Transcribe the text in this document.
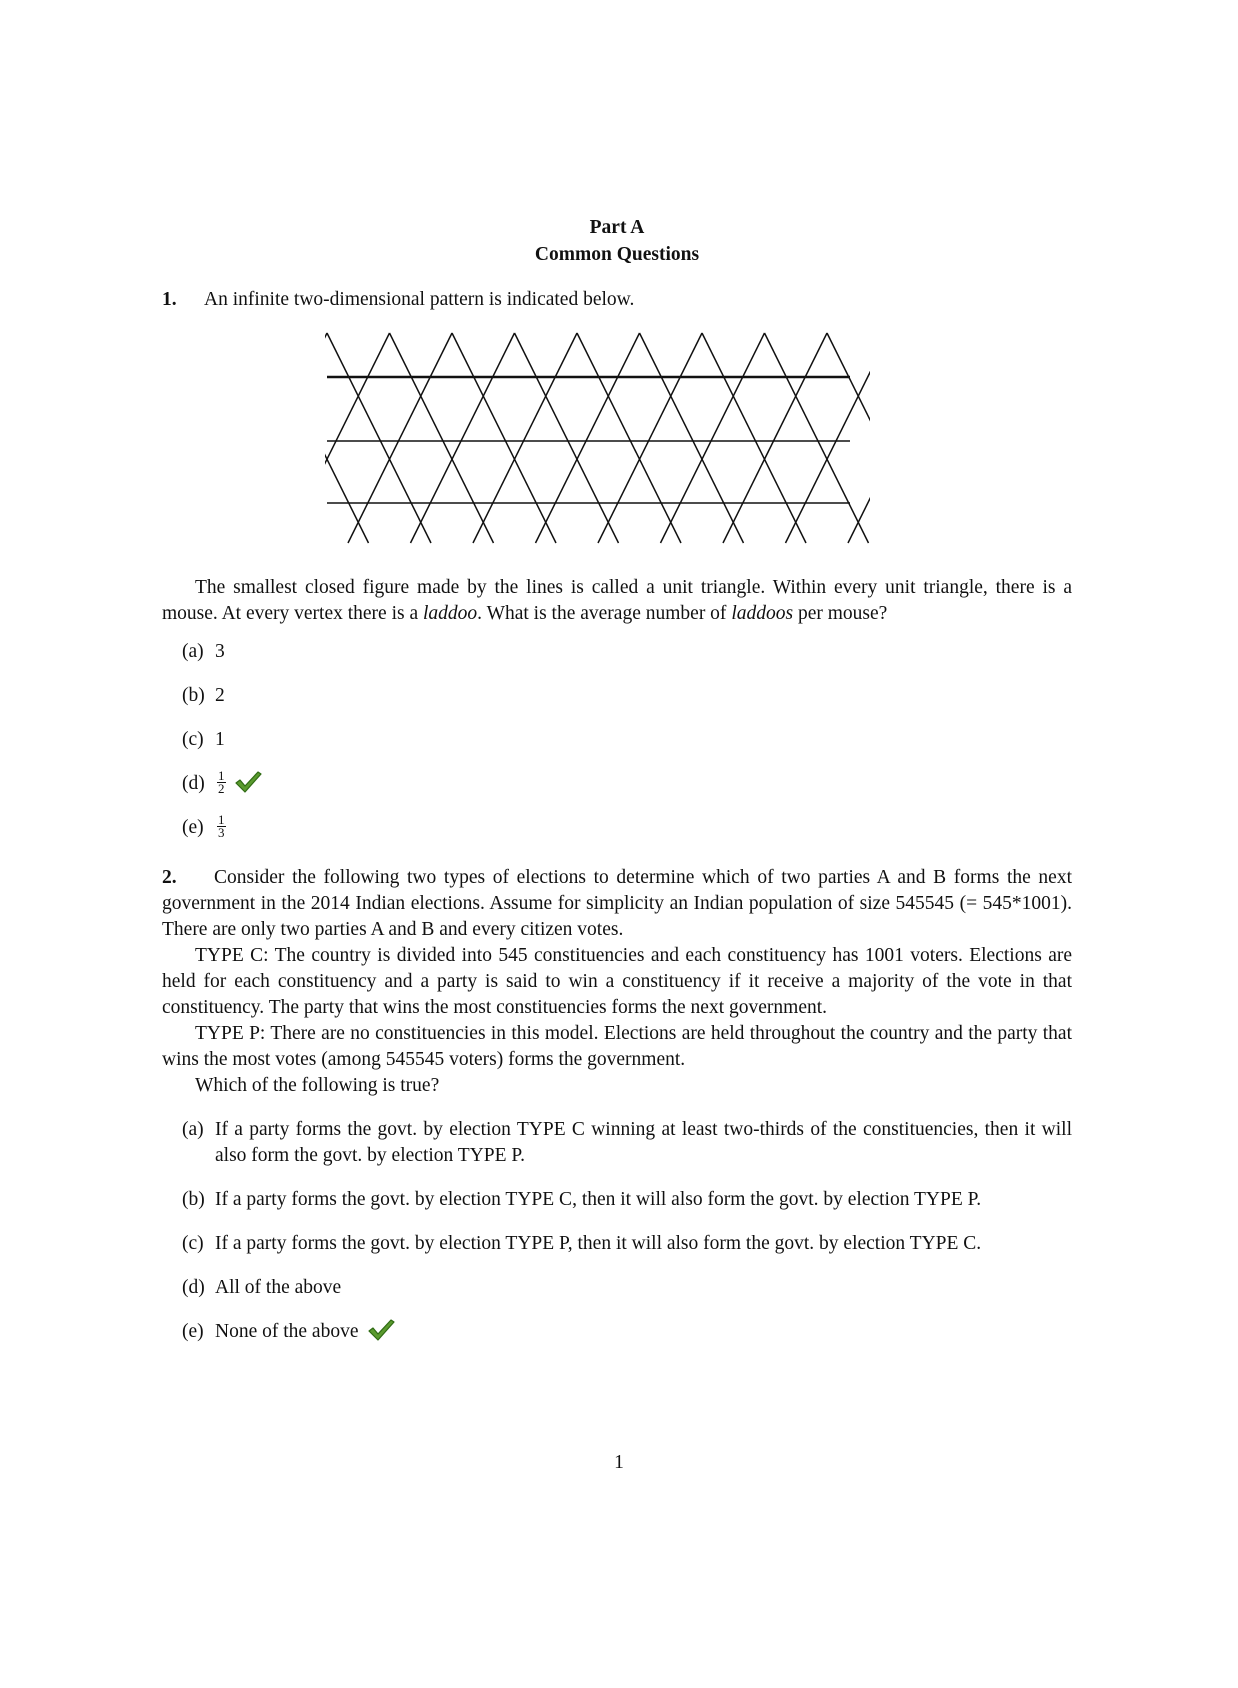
Part A
Common Questions
1. An infinite two-dimensional pattern is indicated below.

The smallest closed figure made by the lines is called a unit triangle. Within every unit triangle, there is a mouse. At every vertex there is a laddoo. What is the average number of laddoos per mouse?

(a) 3
(b) 2
(c) 1
$(d) \frac{1}{2}$
$(e) \frac{1}{3}$
2. Consider the following two types of elections to determine which of two parties A and B forms the next government in the 2014 Indian elections. Assume for simplicity an Indian population of size 545545 (= 545*1001). There are only two parties A and B and every citizen votes.

TYPE C: The country is divided into 545 constituencies and each constituency has 1001 voters. Elections are held for each constituency and a party is said to win a constituency if it receive a majority of the vote in that constituency. The party that wins the most constituencies forms the next government.

TYPE P: There are no constituencies in this model. Elections are held throughout the country and the party that wins the most votes (among 545545 voters) forms the government.

Which of the following is true?

(a) If a party forms the govt. by election TYPE C winning at least two-thirds of the constituencies, then it will also form the govt. by election TYPE P.
(b) If a party forms the govt. by election TYPE C, then it will also form the govt. by election TYPE P.
(c) If a party forms the govt. by election TYPE P, then it will also form the govt. by election TYPE C.
(d) All of the above
(e) None of the above
1
